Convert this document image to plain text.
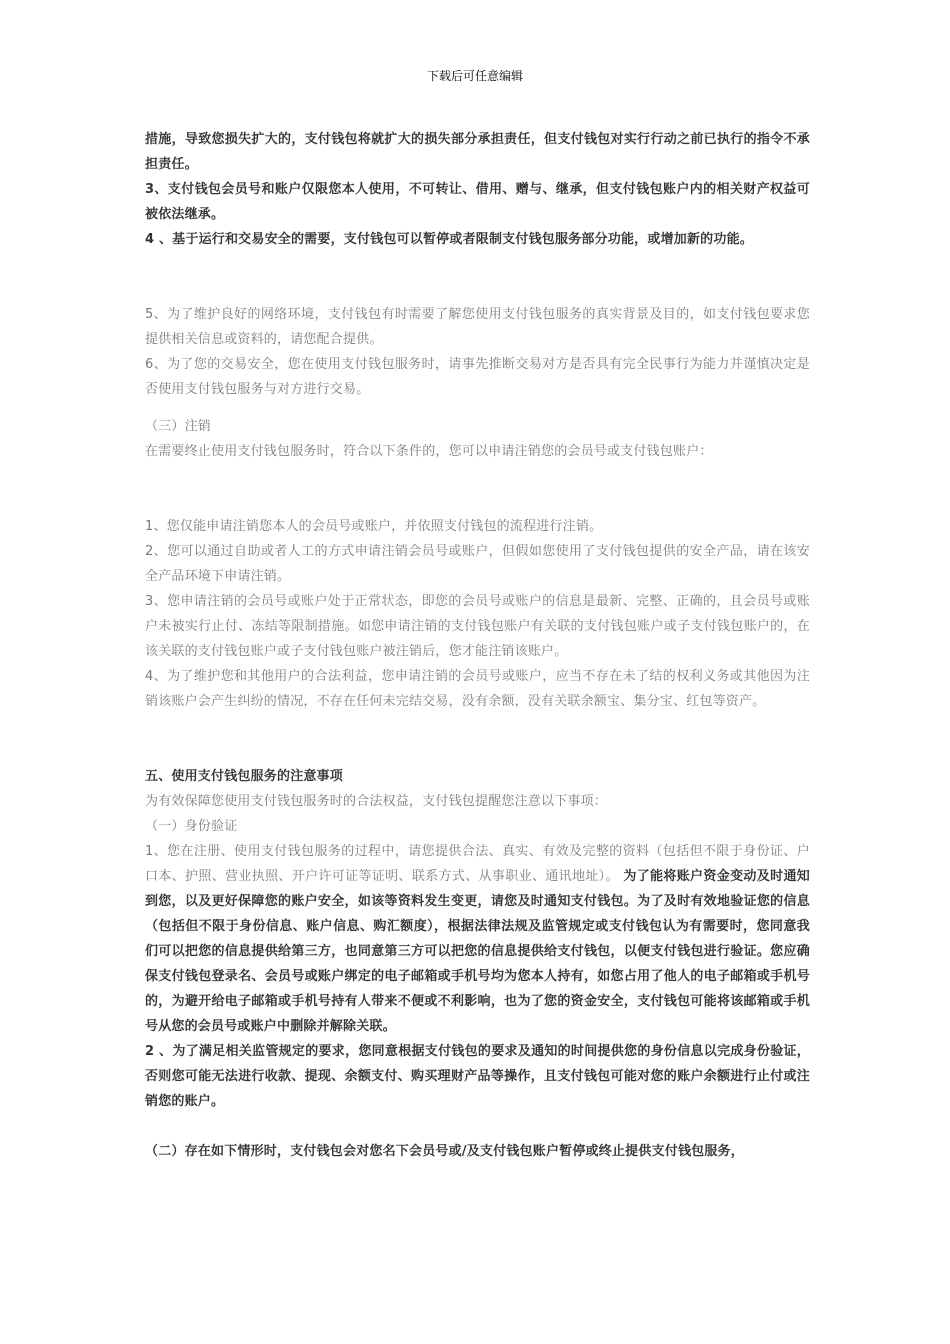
下载后可任意编辑

措施，导致您损失扩大的，支付钱包将就扩大的损失部分承担责任，但支付钱包对实行行动之前已执行的指令不承担责任。

3、支付钱包会员号和账户仅限您本人使用，不可转让、借用、赠与、继承，但支付钱包账户内的相关财产权益可被依法继承。

4 、基于运行和交易安全的需要，支付钱包可以暂停或者限制支付钱包服务部分功能，或增加新的功能。

5、为了维护良好的网络环境，支付钱包有时需要了解您使用支付钱包服务的真实背景及目的，如支付钱包要求您提供相关信息或资料的，请您配合提供。

6、为了您的交易安全，您在使用支付钱包服务时，请事先推断交易对方是否具有完全民事行为能力并谨慎决定是否使用支付钱包服务与对方进行交易。

（三）注销

在需要终止使用支付钱包服务时，符合以下条件的，您可以申请注销您的会员号或支付钱包账户：

1、您仅能申请注销您本人的会员号或账户，并依照支付钱包的流程进行注销。

2、您可以通过自助或者人工的方式申请注销会员号或账户，但假如您使用了支付钱包提供的安全产品，请在该安全产品环境下申请注销。

3、您申请注销的会员号或账户处于正常状态，即您的会员号或账户的信息是最新、完整、正确的，且会员号或账户未被实行止付、冻结等限制措施。如您申请注销的支付钱包账户有关联的支付钱包账户或子支付钱包账户的，在该关联的支付钱包账户或子支付钱包账户被注销后，您才能注销该账户。

4、为了维护您和其他用户的合法利益，您申请注销的会员号或账户，应当不存在未了结的权利义务或其他因为注销该账户会产生纠纷的情况，不存在任何未完结交易，没有余额，没有关联余额宝、集分宝、红包等资产。

五、使用支付钱包服务的注意事项

为有效保障您使用支付钱包服务时的合法权益，支付钱包提醒您注意以下事项：

（一）身份验证

1、您在注册、使用支付钱包服务的过程中，请您提供合法、真实、有效及完整的资料（包括但不限于身份证、户口本、护照、营业执照、开户许可证等证明、联系方式、从事职业、通讯地址）。 为了能将账户资金变动及时通知到您，以及更好保障您的账户安全，如该等资料发生变更，请您及时通知支付钱包。为了及时有效地验证您的信息（包括但不限于身份信息、账户信息、购汇额度），根据法律法规及监管规定或支付钱包认为有需要时，您同意我们可以把您的信息提供给第三方，也同意第三方可以把您的信息提供给支付钱包，以便支付钱包进行验证。您应确保支付钱包登录名、会员号或账户绑定的电子邮箱或手机号均为您本人持有，如您占用了他人的电子邮箱或手机号的，为避开给电子邮箱或手机号持有人带来不便或不利影响，也为了您的资金安全，支付钱包可能将该邮箱或手机号从您的会员号或账户中删除并解除关联。

2 、为了满足相关监管规定的要求，您同意根据支付钱包的要求及通知的时间提供您的身份信息以完成身份验证，否则您可能无法进行收款、提现、余额支付、购买理财产品等操作，且支付钱包可能对您的账户余额进行止付或注销您的账户。

（二）存在如下情形时，支付钱包会对您名下会员号或/及支付钱包账户暂停或终止提供支付钱包服务，
